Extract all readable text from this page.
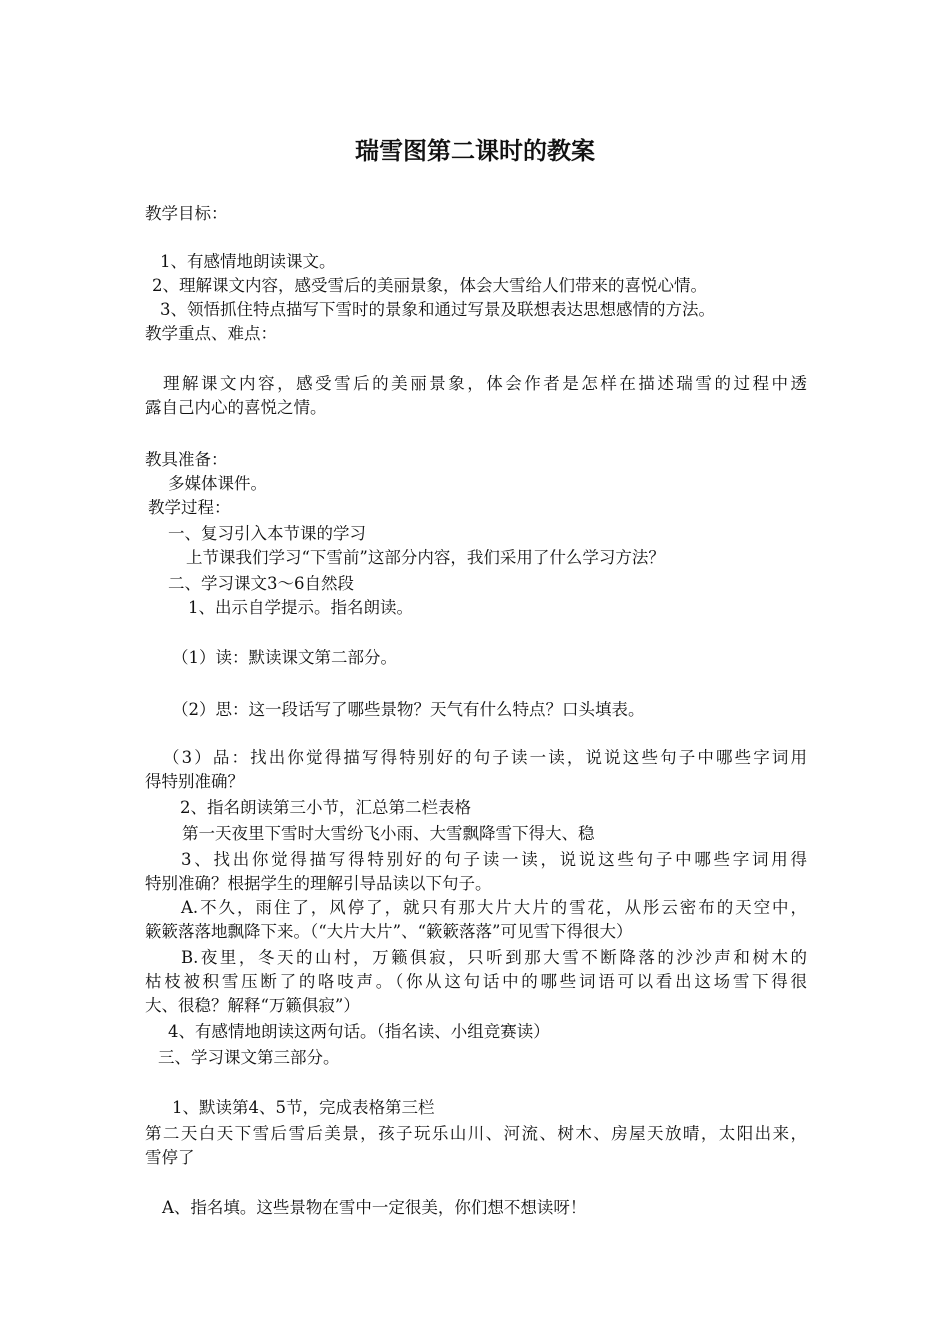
瑞雪图第二课时的教案
教学目标：
1、有感情地朗读课文。
2、理解课文内容，感受雪后的美丽景象，体会大雪给人们带来的喜悦心情。
3、领悟抓住特点描写下雪时的景象和通过写景及联想表达思想感情的方法。
教学重点、难点：
理解课文内容，感受雪后的美丽景象，体会作者是怎样在描述瑞雪的过程中透
露自己内心的喜悦之情。
教具准备：
多媒体课件。
教学过程：
一、复习引入本节课的学习
上节课我们学习“下雪前”这部分内容，我们采用了什么学习方法？
二、学习课文3～6自然段
1、出示自学提示。指名朗读。
（1）读：默读课文第二部分。
（2）思：这一段话写了哪些景物？天气有什么特点？口头填表。
（3）品：找出你觉得描写得特别好的句子读一读，说说这些句子中哪些字词用
得特别准确？
2、指名朗读第三小节，汇总第二栏表格
第一天夜里下雪时大雪纷飞小雨、大雪飘降雪下得大、稳
3、找出你觉得描写得特别好的句子读一读，说说这些句子中哪些字词用得
特别准确？根据学生的理解引导品读以下句子。
A.不久，雨住了，风停了，就只有那大片大片的雪花，从彤云密布的天空中，
簌簌落落地飘降下来。（“大片大片”、“簌簌落落”可见雪下得很大）
B.夜里，冬天的山村，万籁俱寂，只听到那大雪不断降落的沙沙声和树木的
枯枝被积雪压断了的咯吱声。（你从这句话中的哪些词语可以看出这场雪下得很
大、很稳？解释“万籁俱寂”）
4、有感情地朗读这两句话。（指名读、小组竞赛读）
三、学习课文第三部分。
1、默读第4、5节，完成表格第三栏
第二天白天下雪后雪后美景，孩子玩乐山川、河流、树木、房屋天放晴，太阳出来，
雪停了
A、指名填。这些景物在雪中一定很美，你们想不想读呀！
